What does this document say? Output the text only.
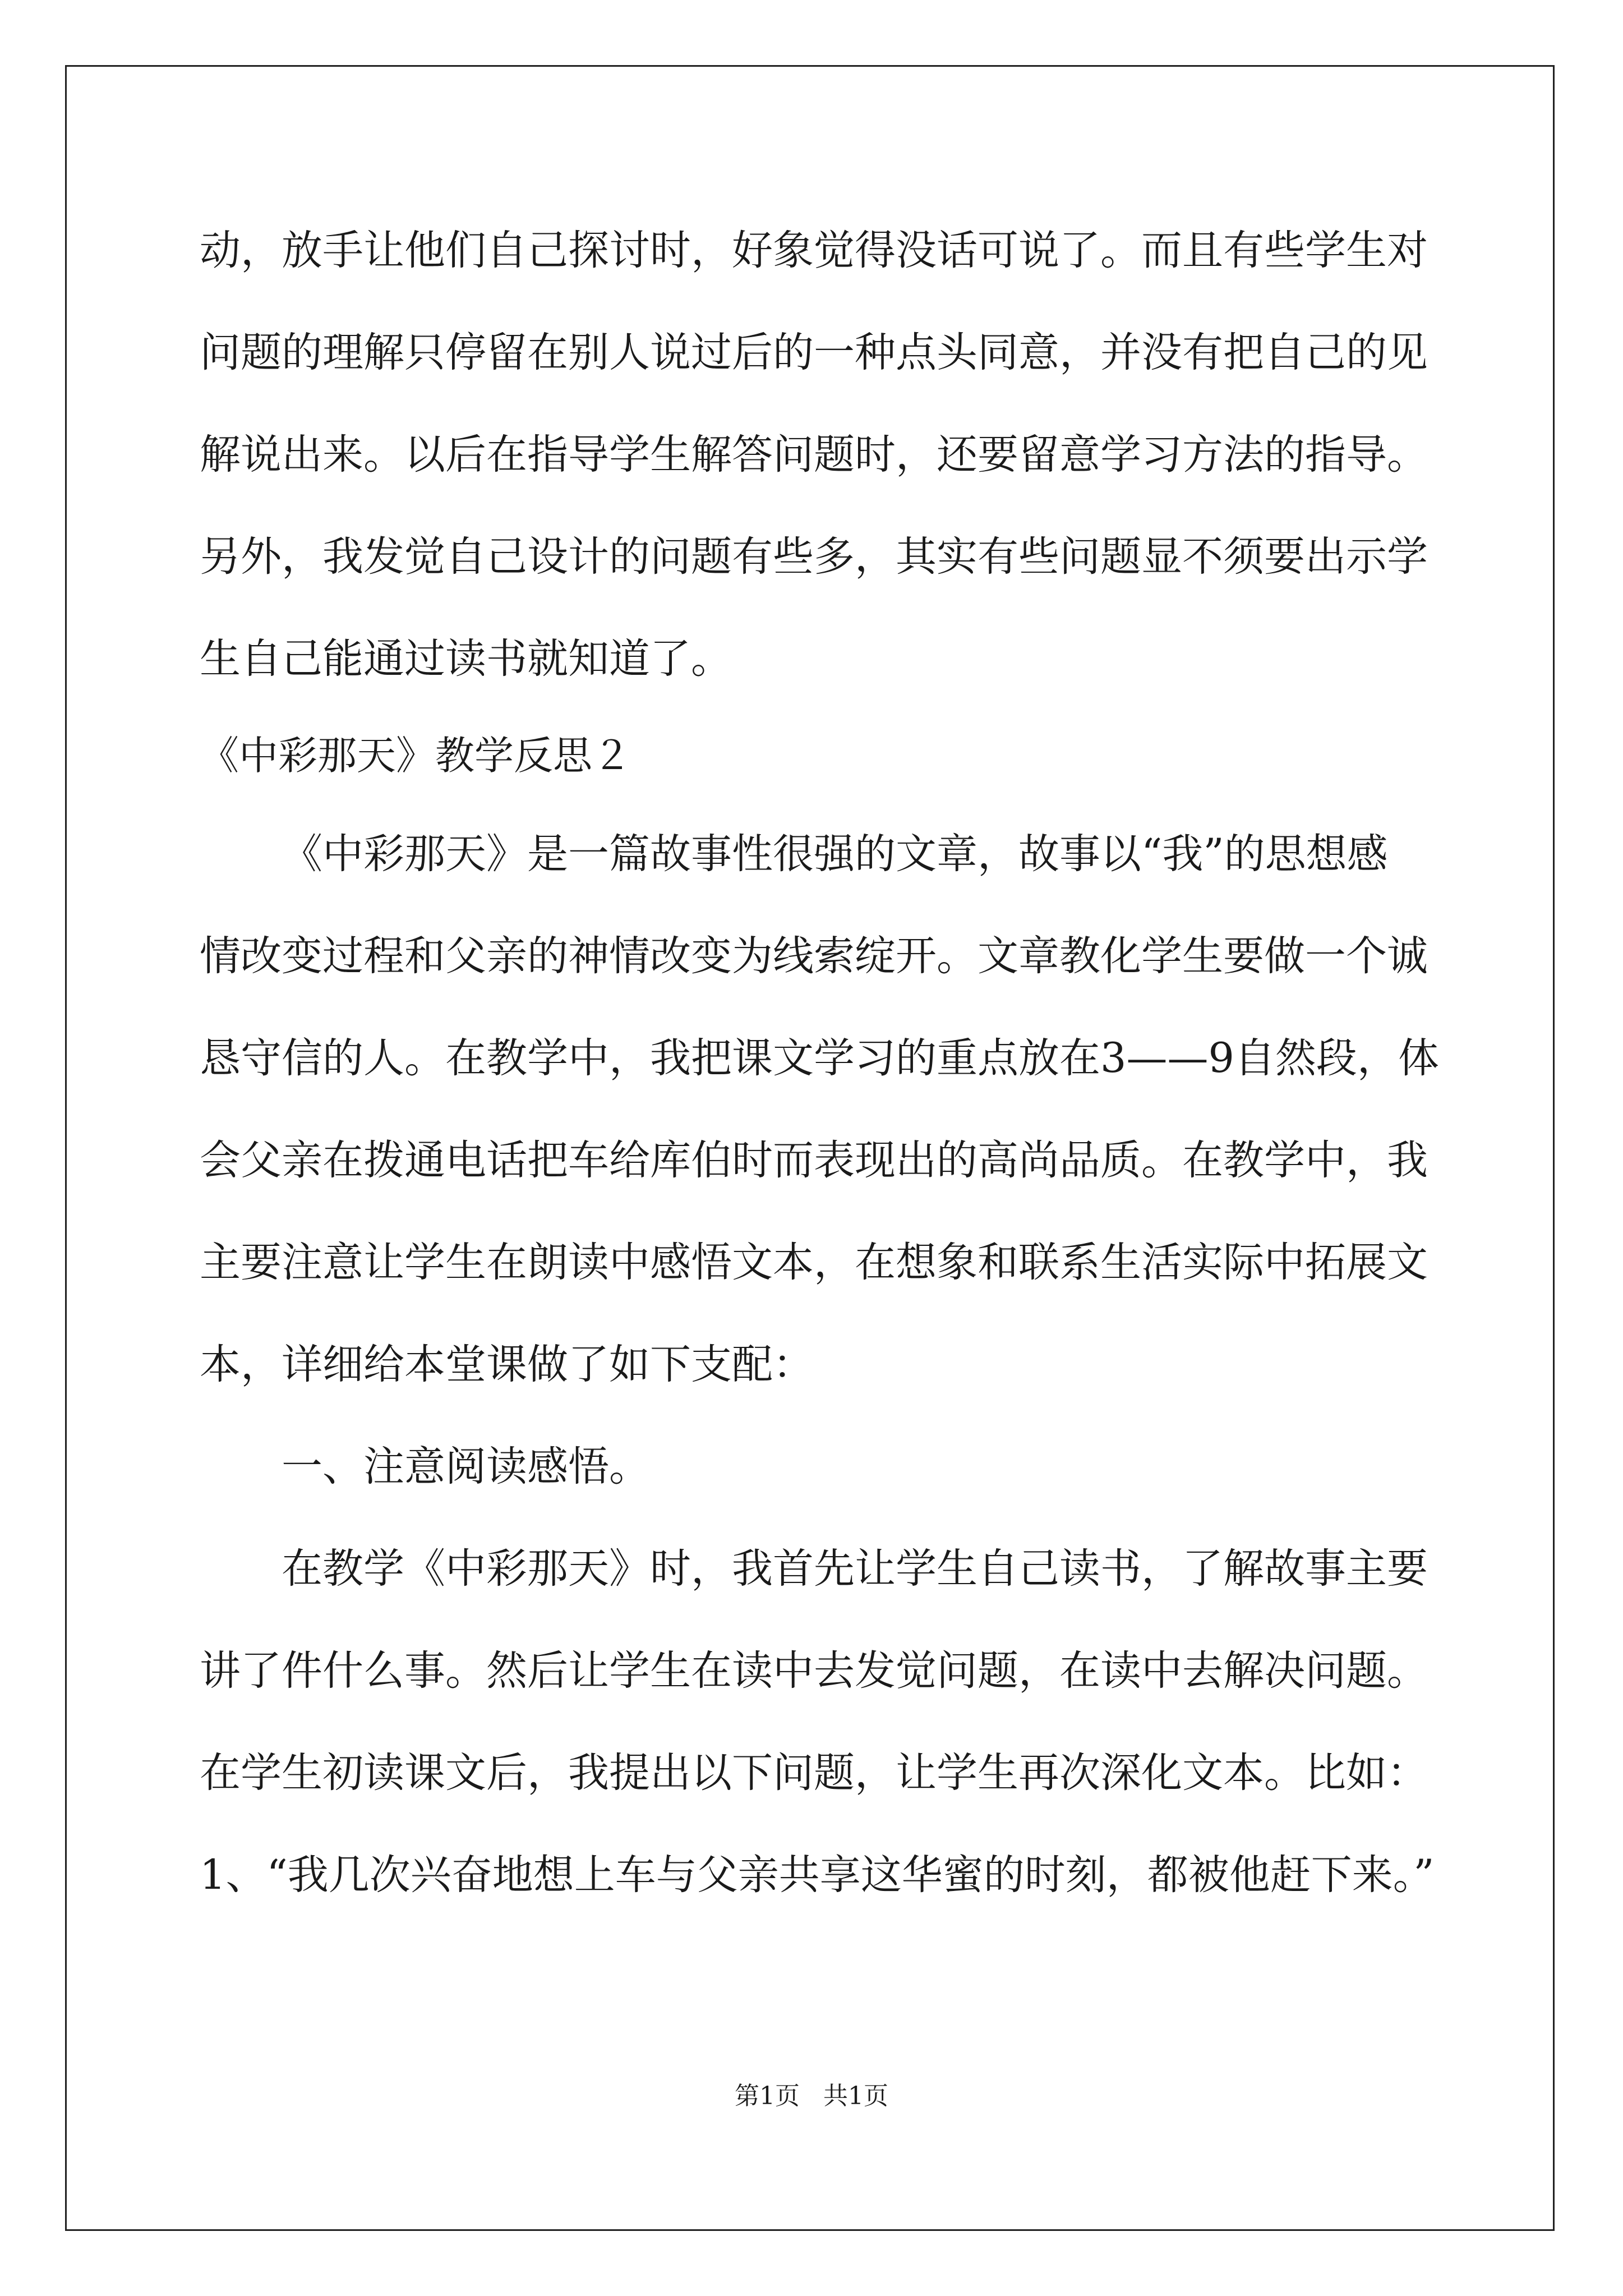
动，放手让他们自己探讨时，好象觉得没话可说了。而且有些学生对
问题的理解只停留在别人说过后的一种点头同意，并没有把自己的见
解说出来。以后在指导学生解答问题时，还要留意学习方法的指导。
另外，我发觉自己设计的问题有些多，其实有些问题显不须要出示学
生自己能通过读书就知道了。
《中彩那天》教学反思２
《中彩那天》是一篇故事性很强的文章，故事以“我”的思想感
情改变过程和父亲的神情改变为线索绽开。文章教化学生要做一个诚
恳守信的人。在教学中，我把课文学习的重点放在3——9自然段，体
会父亲在拨通电话把车给库伯时而表现出的高尚品质。在教学中，我
主要注意让学生在朗读中感悟文本，在想象和联系生活实际中拓展文
本，详细给本堂课做了如下支配：
一、注意阅读感悟。
在教学《中彩那天》时，我首先让学生自己读书，了解故事主要
讲了件什么事。然后让学生在读中去发觉问题，在读中去解决问题。
在学生初读课文后，我提出以下问题，让学生再次深化文本。比如：
1、“我几次兴奋地想上车与父亲共享这华蜜的时刻，都被他赶下来。”
第1页 共1页
